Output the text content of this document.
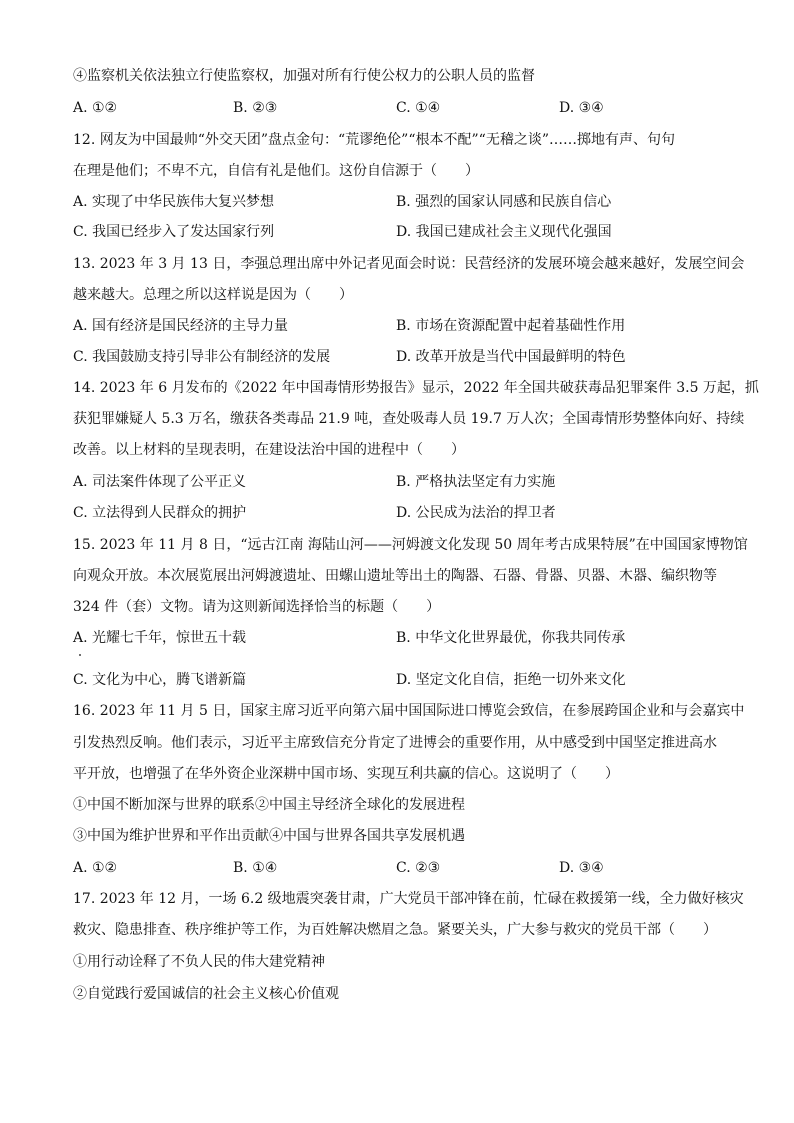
④监察机关依法独立行使监察权，加强对所有行使公权力的公职人员的监督
A. ①②	B. ②③	C. ①④	D. ③④
12. 网友为中国最帅“外交天团”盘点金句：“荒谬绝伦”“根本不配”“无稽之谈”……掷地有声、句句
在理是他们；不卑不亢，自信有礼是他们。这份自信源于（　　）
A. 实现了中华民族伟大复兴梦想	B. 强烈的国家认同感和民族自信心
C. 我国已经步入了发达国家行列	D. 我国已建成社会主义现代化强国
13. 2023 年 3 月 13 日，李强总理出席中外记者见面会时说：民营经济的发展环境会越来越好，发展空间会
越来越大。总理之所以这样说是因为（　　）
A. 国有经济是国民经济的主导力量	B. 市场在资源配置中起着基础性作用
C. 我国鼓励支持引导非公有制经济的发展	D. 改革开放是当代中国最鲜明的特色
14. 2023 年 6 月发布的《2022 年中国毒情形势报告》显示，2022 年全国共破获毒品犯罪案件 3.5 万起，抓
获犯罪嫌疑人 5.3 万名，缴获各类毒品 21.9 吨，查处吸毒人员 19.7 万人次；全国毒情形势整体向好、持续
改善。以上材料的呈现表明，在建设法治中国的进程中（　　）
A. 司法案件体现了公平正义	B. 严格执法坚定有力实施
C. 立法得到人民群众的拥护	D. 公民成为法治的捍卫者
15. 2023 年 11 月 8 日，“远古江南 海陆山河——河姆渡文化发现 50 周年考古成果特展”在中国国家博物馆
向观众开放。本次展览展出河姆渡遗址、田螺山遗址等出土的陶器、石器、骨器、贝器、木器、编织物等
324 件（套）文物。请为这则新闻选择恰当的标题（　　）
A. 光耀七千年，惊世五十载	B. 中华文化世界最优，你我共同传承
C. 文化为中心，腾飞谱新篇	D. 坚定文化自信，拒绝一切外来文化
16. 2023 年 11 月 5 日，国家主席习近平向第六届中国国际进口博览会致信，在参展跨国企业和与会嘉宾中
引发热烈反响。他们表示，习近平主席致信充分肯定了进博会的重要作用，从中感受到中国坚定推进高水
平开放，也增强了在华外资企业深耕中国市场、实现互利共赢的信心。这说明了（　　）
①中国不断加深与世界的联系②中国主导经济全球化的发展进程
③中国为维护世界和平作出贡献④中国与世界各国共享发展机遇
A. ①②	B. ①④	C. ②③	D. ③④
17. 2023 年 12 月，一场 6.2 级地震突袭甘肃，广大党员干部冲锋在前，忙碌在救援第一线，全力做好核灾
救灾、隐患排查、秩序维护等工作，为百姓解决燃眉之急。紧要关头，广大参与救灾的党员干部（　　）
①用行动诠释了不负人民的伟大建党精神
②自觉践行爱国诚信的社会主义核心价值观
